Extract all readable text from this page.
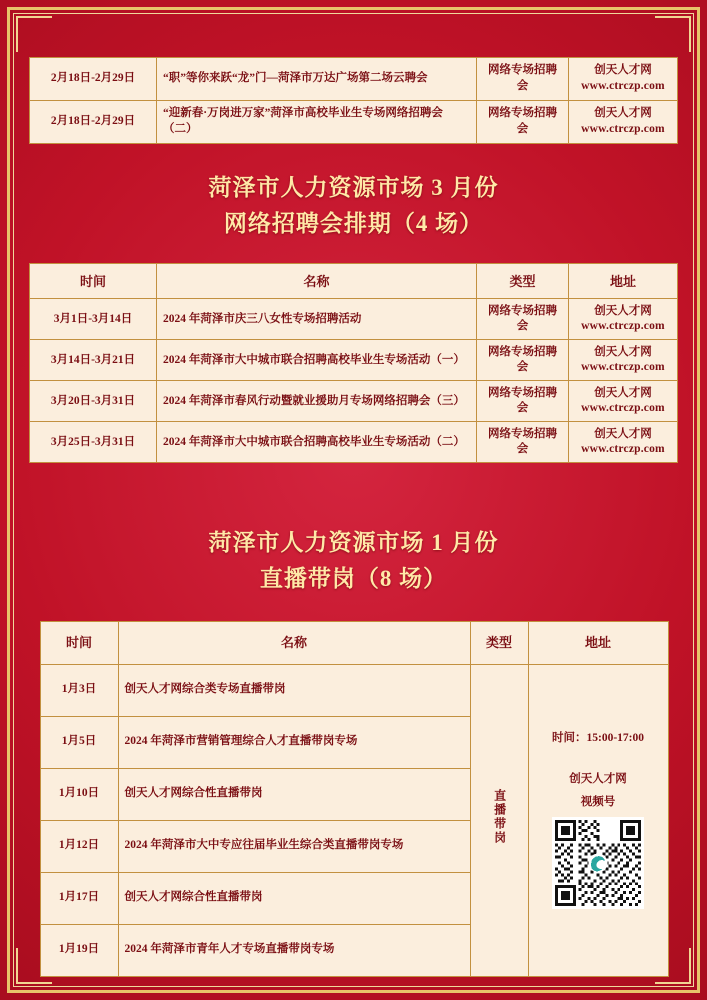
2月18日-2月29日	“职”等你来跃“龙”门—菏泽市万达广场第二场云聘会	网络专场招聘会	创天人才网
www.ctrczp.com

2月18日-2月29日	“迎新春·万岗进万家”菏泽市高校毕业生专场网络招聘会（二）	网络专场招聘会	创天人才网
www.ctrczp.com
菏泽市人力资源市场 3 月份
网络招聘会排期（4 场）
时间	名称	类型	地址
3月1日-3月14日	2024 年菏泽市庆三八女性专场招聘活动	网络专场招聘会	创天人才网
www.ctrczp.com

3月14日-3月21日	2024 年菏泽市大中城市联合招聘高校毕业生专场活动（一）	网络专场招聘会	创天人才网
www.ctrczp.com

3月20日-3月31日	2024 年菏泽市春风行动暨就业援助月专场网络招聘会（三）	网络专场招聘会	创天人才网
www.ctrczp.com

3月25日-3月31日	2024 年菏泽市大中城市联合招聘高校毕业生专场活动（二）	网络专场招聘会	创天人才网
www.ctrczp.com
菏泽市人力资源市场 1 月份
直播带岗（8 场）
时间	名称	类型	地址
1月3日	创天人才网综合类专场直播带岗	直播带岗	时间：15:00-17:00
创天人才网
视频号

1月5日	2024 年菏泽市营销管理综合人才直播带岗专场		
1月10日	创天人才网综合性直播带岗		
1月12日	2024 年菏泽市大中专应往届毕业生综合类直播带岗专场		
1月17日	创天人才网综合性直播带岗		
1月19日	2024 年菏泽市青年人才专场直播带岗专场		
